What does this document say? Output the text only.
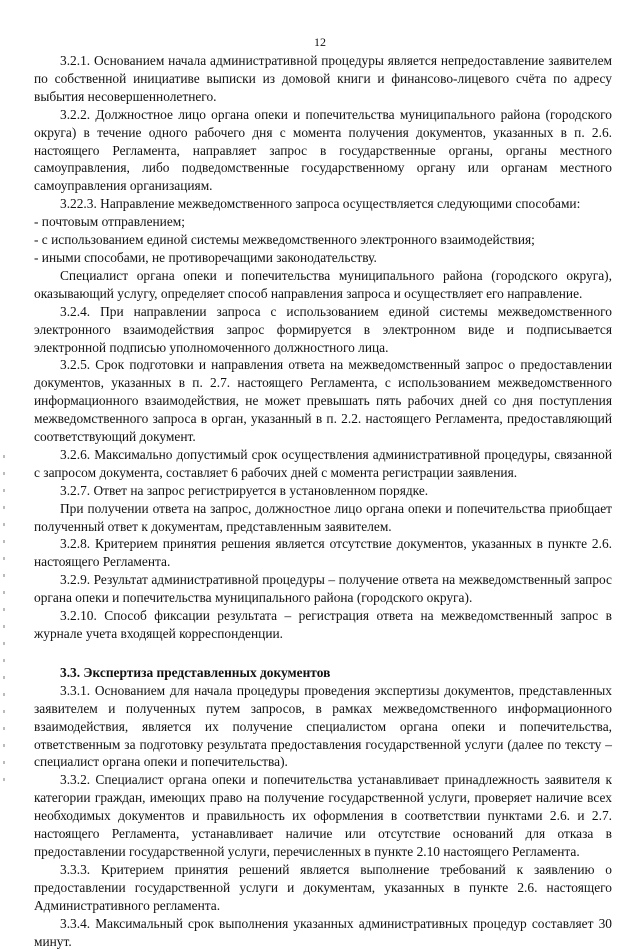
12

3.2.1. Основанием начала административной процедуры является непредоставление заявителем по собственной инициативе выписки из домовой книги и финансово-лицевого счёта по адресу выбытия несовершеннолетнего.

3.2.2. Должностное лицо органа опеки и попечительства муниципального района (городского округа) в течение одного рабочего дня с момента получения документов, указанных в п. 2.6. настоящего Регламента, направляет запрос в государственные органы, органы местного самоуправления, либо подведомственные государственному органу или органам местного самоуправления организациям.

3.22.3. Направление межведомственного запроса осуществляется следующими способами:

- почтовым отправлением;

- с использованием единой системы межведомственного электронного взаимодействия;

- иными способами, не противоречащими законодательству.

Специалист органа опеки и попечительства муниципального района (городского округа), оказывающий услугу, определяет способ направления запроса и осуществляет его направление.

3.2.4. При направлении запроса с использованием единой системы межведомственного электронного взаимодействия запрос формируется в электронном виде и подписывается электронной подписью уполномоченного должностного лица.

3.2.5. Срок подготовки и направления ответа на межведомственный запрос о предоставлении документов, указанных в п. 2.7. настоящего Регламента, с использованием межведомственного информационного взаимодействия, не может превышать пять рабочих дней со дня поступления межведомственного запроса в орган, указанный в п. 2.2. настоящего Регламента, предоставляющий соответствующий документ.

3.2.6. Максимально допустимый срок осуществления административной процедуры, связанной с запросом документа, составляет 6 рабочих дней с момента регистрации заявления.

3.2.7. Ответ на запрос регистрируется в установленном порядке.

При получении ответа на запрос, должностное лицо органа опеки и попечительства приобщает полученный ответ к документам, представленным заявителем.

3.2.8. Критерием принятия решения является отсутствие документов, указанных в пункте 2.6. настоящего Регламента.

3.2.9. Результат административной процедуры – получение ответа на межведомственный запрос органа опеки и попечительства муниципального района (городского округа).

3.2.10. Способ фиксации результата – регистрация ответа на межведомственный запрос в журнале учета входящей корреспонденции.

3.3. Экспертиза представленных документов

3.3.1. Основанием для начала процедуры проведения экспертизы документов, представленных заявителем и полученных путем запросов, в рамках межведомственного информационного взаимодействия, является их получение специалистом органа опеки и попечительства, ответственным за подготовку результата предоставления государственной услуги (далее по тексту – специалист органа опеки и попечительства).

3.3.2. Специалист органа опеки и попечительства устанавливает принадлежность заявителя к категории граждан, имеющих право на получение государственной услуги, проверяет наличие всех необходимых документов и правильность их оформления в соответствии пунктами 2.6. и 2.7. настоящего Регламента, устанавливает наличие или отсутствие оснований для отказа в предоставлении государственной услуги, перечисленных в пункте 2.10 настоящего Регламента.

3.3.3. Критерием принятия решений является выполнение требований к заявлению о предоставлении государственной услуги и документам, указанных в пункте 2.6. настоящего Административного регламента.

3.3.4. Максимальный срок выполнения указанных административных процедур составляет 30 минут.
